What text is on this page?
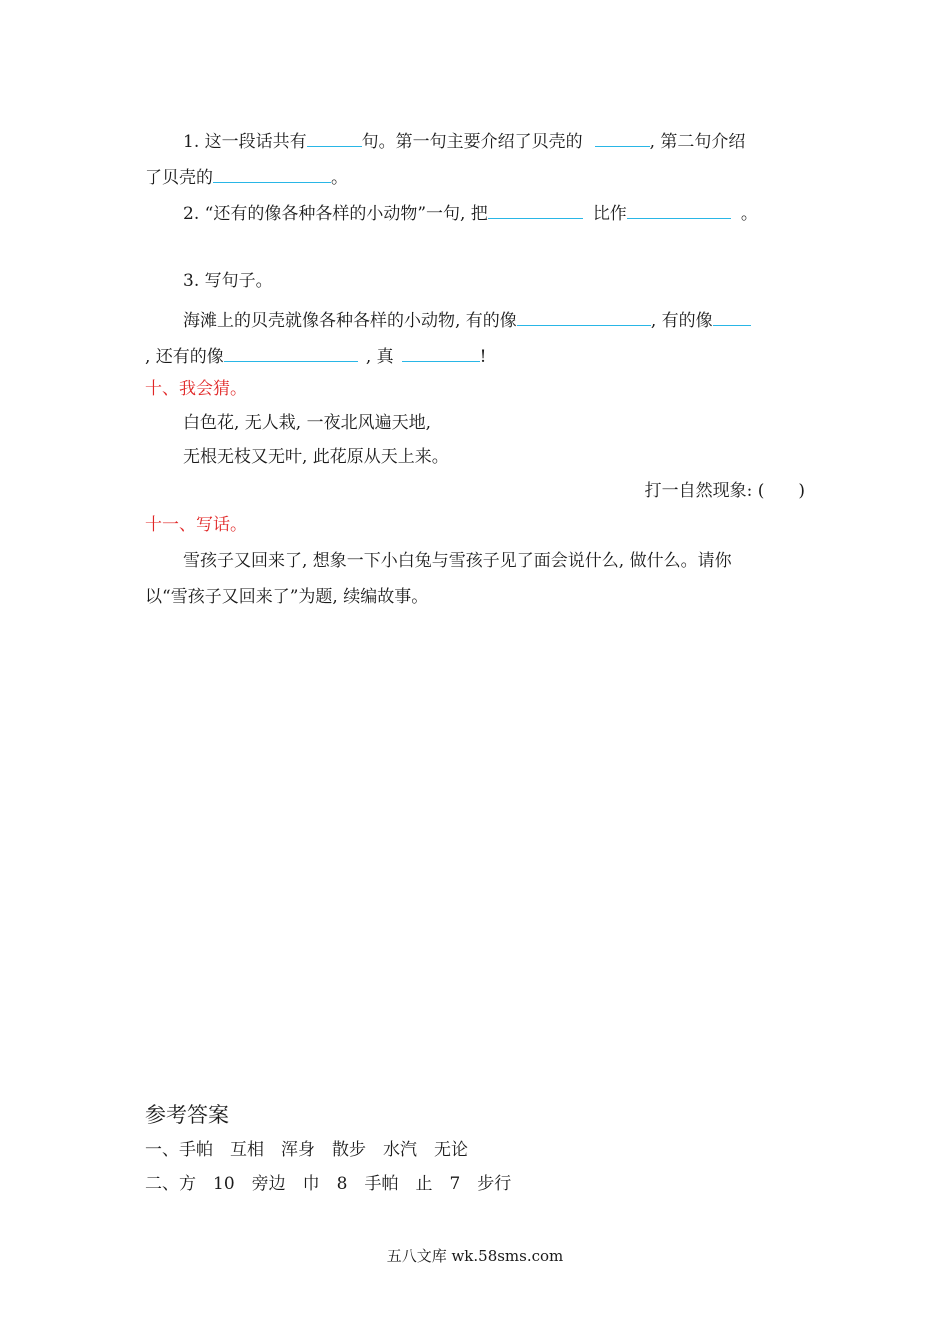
1. 这一段话共有	句。第一句主要介绍了贝壳的	, 第二句介绍
了贝壳的	。
2. “还有的像各种各样的小动物”一句, 把	比作	。
3. 写句子。
海滩上的贝壳就像各种各样的小动物, 有的像	, 有的像
, 还有的像	, 真	!
十、我会猜。
白色花, 无人栽, 一夜北风遍天地,
无根无枝又无叶, 此花原从天上来。
打一自然现象: (　　)
十一、写话。
雪孩子又回来了, 想象一下小白兔与雪孩子见了面会说什么, 做什么。请你
以“雪孩子又回来了”为题, 续编故事。
参考答案
一、手帕　互相　浑身　散步　水汽　无论
二、方　10　旁边　巾　8　手帕　止　7　步行
五八文库 wk.58sms.com
